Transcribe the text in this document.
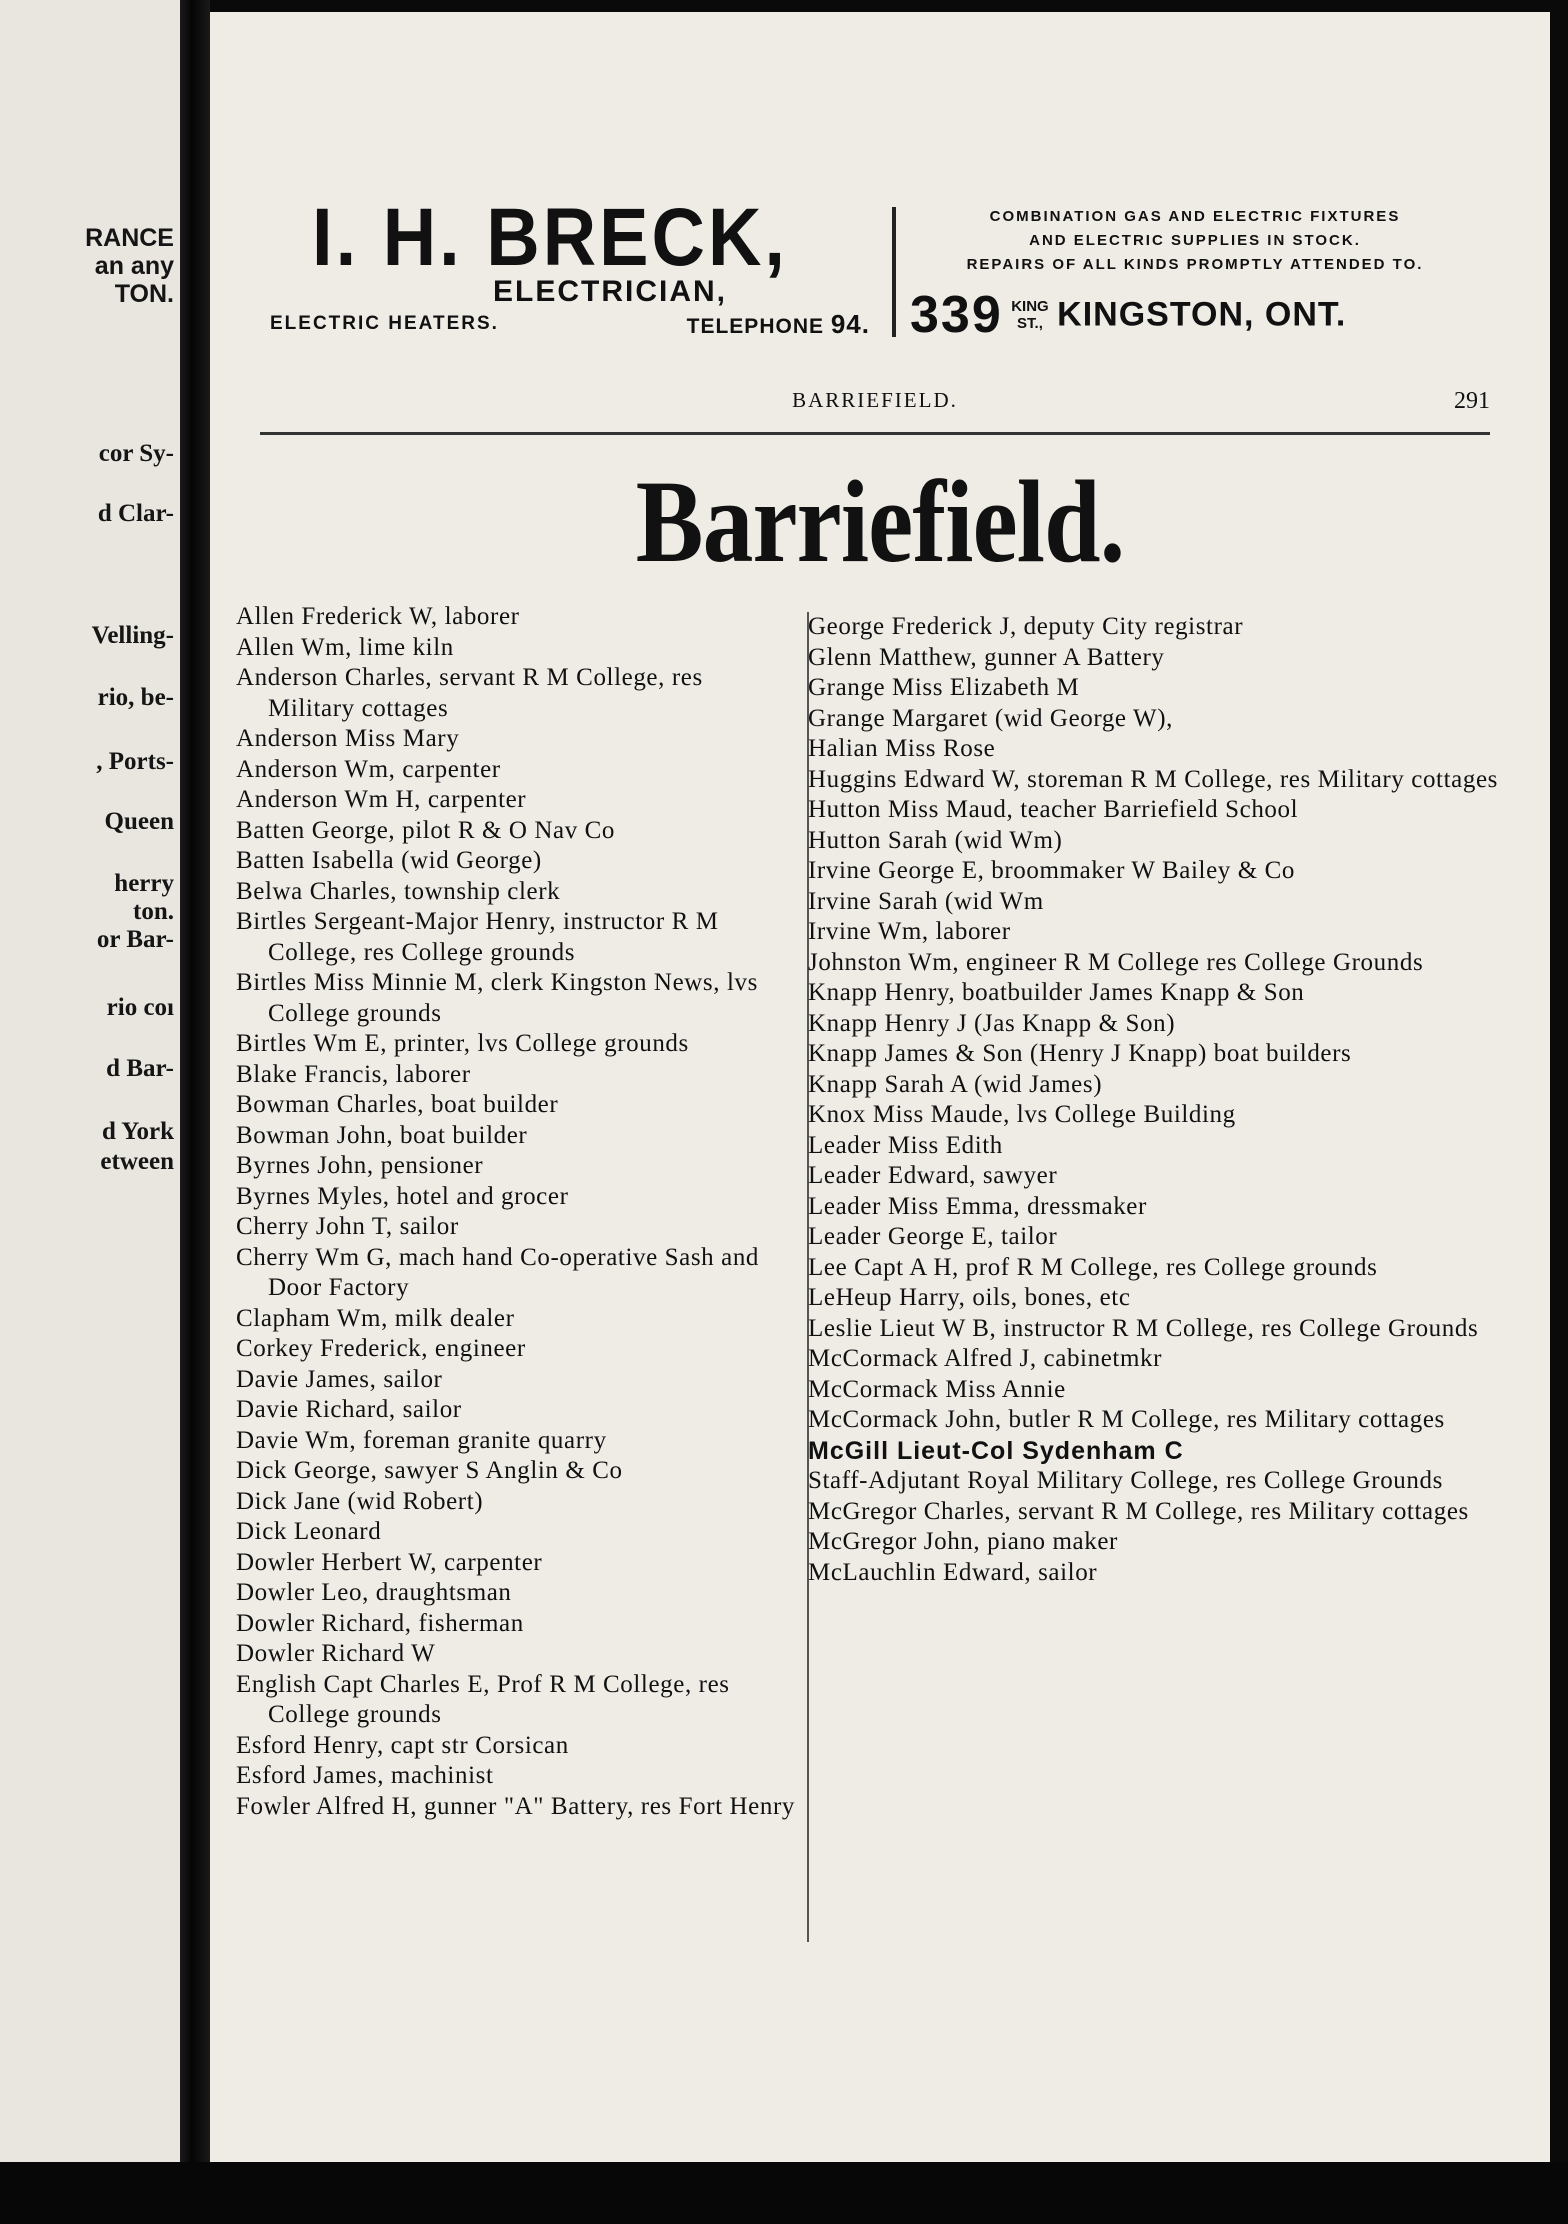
RANCE
an any
TON.
cor Sy-
d Clar-
Velling-
rio, be-
, Ports-
Queen
herry
ton.
or Bar-
rio coı
d Bar-
d York
etween
I. H. BRECK,
ELECTRICIAN,
ELECTRIC HEATERS.	TELEPHONE 94.
COMBINATION GAS AND ELECTRIC FIXTURES
AND ELECTRIC SUPPLIES IN STOCK.
REPAIRS OF ALL KINDS PROMPTLY ATTENDED TO.
339 KING
ST., KINGSTON, ONT.
BARRIEFIELD.	291
Barriefield.

Allen Frederick W, laborer

Allen Wm, lime kiln

Anderson Charles, servant R M College, res Military cottages

Anderson Miss Mary

Anderson Wm, carpenter

Anderson Wm H, carpenter

Batten George, pilot R & O Nav Co

Batten Isabella (wid George)

Belwa Charles, township clerk

Birtles Sergeant-Major Henry, instructor R M College, res College grounds

Birtles Miss Minnie M, clerk Kingston News, lvs College grounds

Birtles Wm E, printer, lvs College grounds

Blake Francis, laborer

Bowman Charles, boat builder

Bowman John, boat builder

Byrnes John, pensioner

Byrnes Myles, hotel and grocer

Cherry John T, sailor

Cherry Wm G, mach hand Co-operative Sash and Door Factory

Clapham Wm, milk dealer

Corkey Frederick, engineer

Davie James, sailor

Davie Richard, sailor

Davie Wm, foreman granite quarry

Dick George, sawyer S Anglin & Co

Dick Jane (wid Robert)

Dick Leonard

Dowler Herbert W, carpenter

Dowler Leo, draughtsman

Dowler Richard, fisherman

Dowler Richard W

English Capt Charles E, Prof R M College, res College grounds

Esford Henry, capt str Corsican

Esford James, machinist

Fowler Alfred H, gunner "A" Battery, res Fort Henry

George Frederick J, deputy City registrar

Glenn Matthew, gunner A Battery

Grange Miss Elizabeth M

Grange Margaret (wid George W),

Halian Miss Rose

Huggins Edward W, storeman R M College, res Military cottages

Hutton Miss Maud, teacher Barriefield School

Hutton Sarah (wid Wm)

Irvine George E, broommaker W Bailey & Co

Irvine Sarah (wid Wm

Irvine Wm, laborer

Johnston Wm, engineer R M College res College Grounds

Knapp Henry, boatbuilder James Knapp & Son

Knapp Henry J (Jas Knapp & Son)

Knapp James & Son (Henry J Knapp) boat builders

Knapp Sarah A (wid James)

Knox Miss Maude, lvs College Building

Leader Miss Edith

Leader Edward, sawyer

Leader Miss Emma, dressmaker

Leader George E, tailor

Lee Capt A H, prof R M College, res College grounds

LeHeup Harry, oils, bones, etc

Leslie Lieut W B, instructor R M College, res College Grounds

McCormack Alfred J, cabinetmkr

McCormack Miss Annie

McCormack John, butler R M College, res Military cottages

McGill Lieut-Col Sydenham C

Staff-Adjutant Royal Military College, res College Grounds

McGregor Charles, servant R M College, res Military cottages

McGregor John, piano maker

McLauchlin Edward, sailor
